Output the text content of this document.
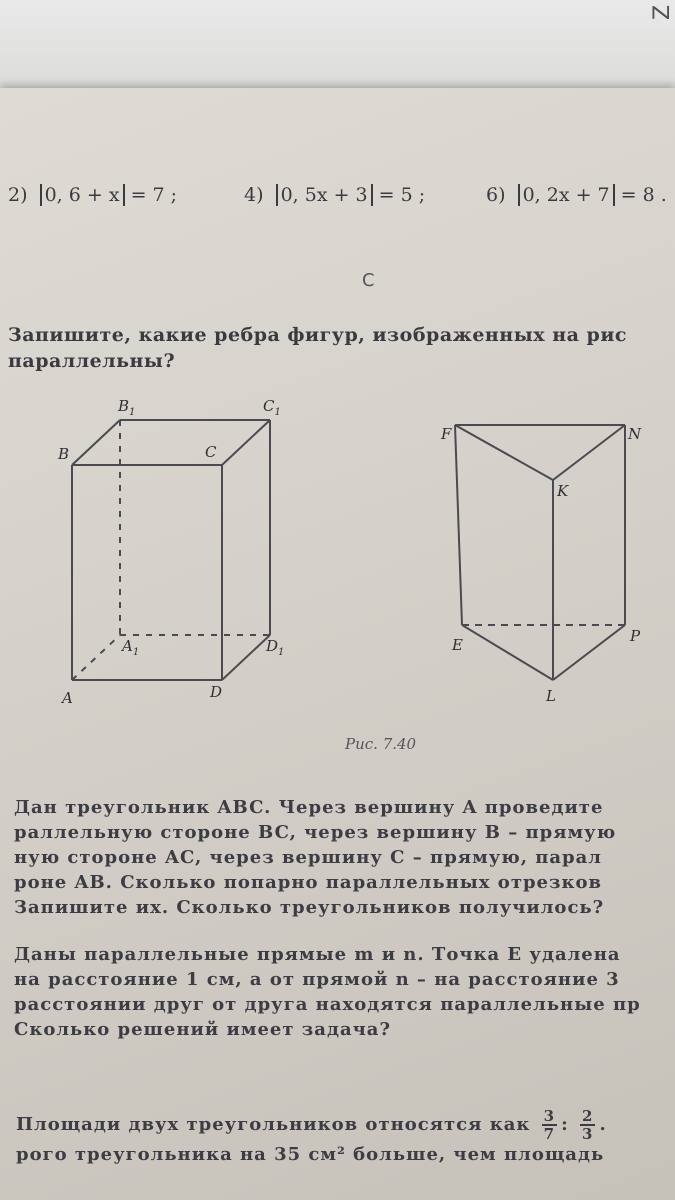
Z
2) 0, 6 + x = 7 ;	4) 0, 5x + 3 = 5 ;	6) 0, 2x + 7 = 8 .
C
Запишите, какие ребра фигур, изображенных на рис
параллельны?
$B_1$	$C_1$
B	C
$A_1$	$D_1$
A	D
F	N
K
E	P
L
Рис. 7.40

Дан треугольник ABC. Через вершину A проведите

раллельную стороне BC, через вершину B – прямую

ную стороне AC, через вершину C – прямую, парал

роне AB. Сколько попарно параллельных отрезков

Запишите их. Сколько треугольников получилось?

Даны параллельные прямые m и n. Точка E удалена

на расстояние 1 см, а от прямой n – на расстояние 3

расстоянии друг от друга находятся параллельные пр

Сколько решений имеет задача?

Площади двух треугольников относятся как $\frac{3}{7}$ : $\frac{2}{3}$ .

рого треугольника на 35 см² больше, чем площадь
